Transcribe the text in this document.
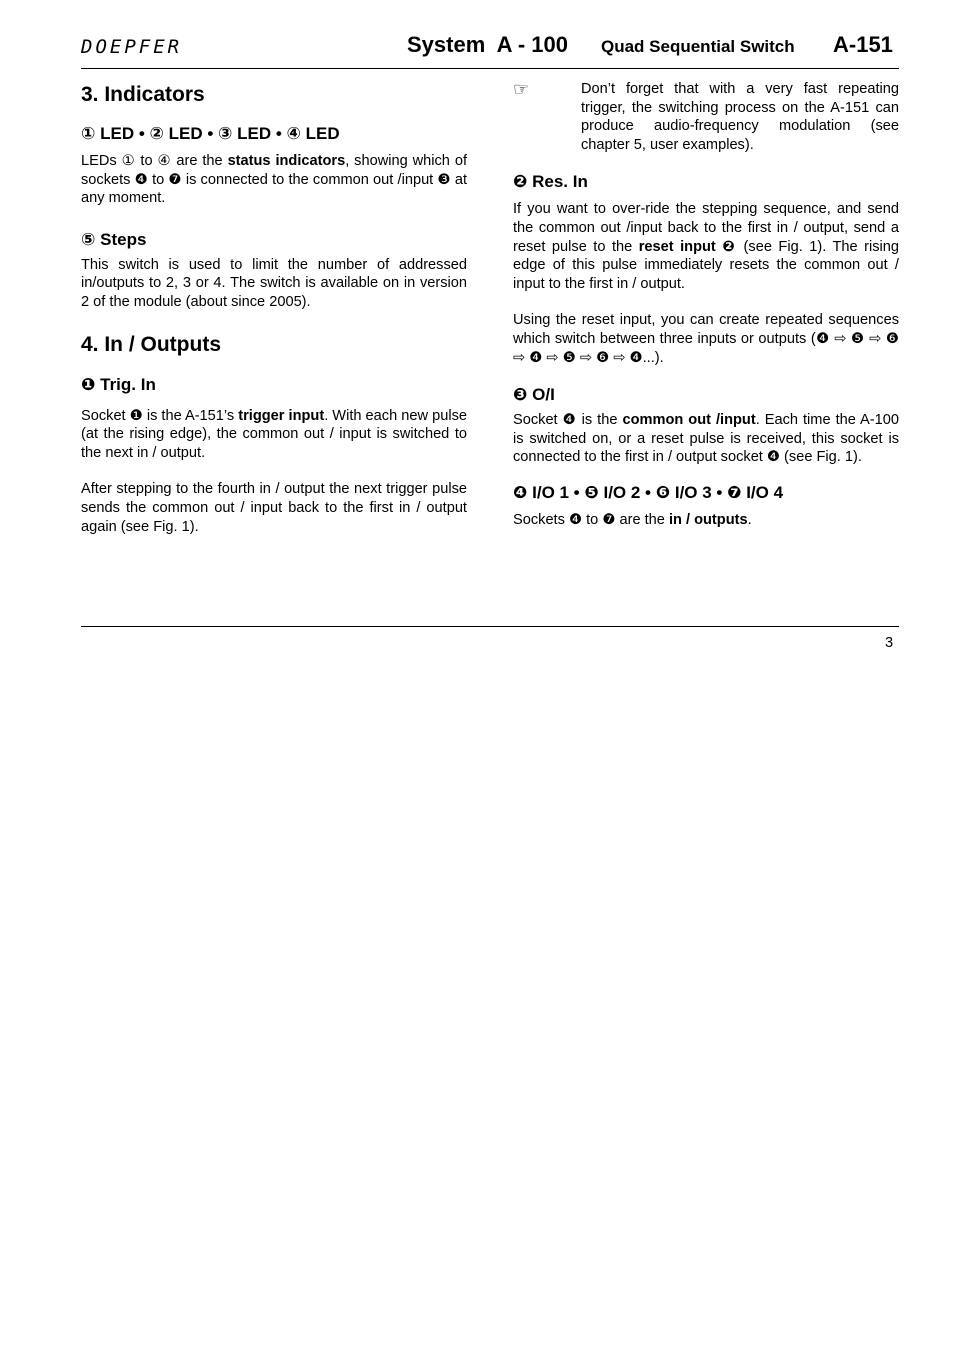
DOEPFER	System  A - 100 Quad Sequential Switch A-151
3. Indicators
① LED • ② LED • ③ LED • ④ LED

LEDs ① to ④ are the status indicators, showing which of sockets ❹ to ❼ is connected to the common out /input ❸ at any moment.

⑤ Steps

This switch is used to limit the number of addressed in/outputs to 2, 3 or 4. The switch is available on in version 2 of the module (about since 2005).

4. In / Outputs
❶ Trig. In

Socket ❶ is the A-151’s trigger input. With each new pulse (at the rising edge), the common out / input is switched to the next in / output.

After stepping to the fourth in / output the next trigger pulse sends the common out / input back to the first in / output again (see Fig. 1).

☞	Don’t forget that with a very fast repeating trigger, the switching process on the A-151 can produce audio-frequency modulation (see chapter 5, user examples).

❷ Res. In

If you want to over-ride the stepping sequence, and send the common out /input back to the first in / output, send a reset pulse to the reset input ❷ (see Fig. 1). The rising edge of this pulse immediately resets the common out / input to the first in / output.

Using the reset input, you can create repeated sequences which switch between three inputs or outputs (❹ ⇨ ❺ ⇨ ❻ ⇨ ❹ ⇨ ❺ ⇨ ❻ ⇨ ❹...).

❸ O/I

Socket ❹ is the common out /input. Each time the A-100 is switched on, or a reset pulse is received, this socket is connected to the first in / output socket ❹ (see Fig. 1).

❹ I/O 1 • ❺ I/O 2 • ❻ I/O 3 • ❼ I/O 4

Sockets ❹ to ❼ are the in / outputs.

3
